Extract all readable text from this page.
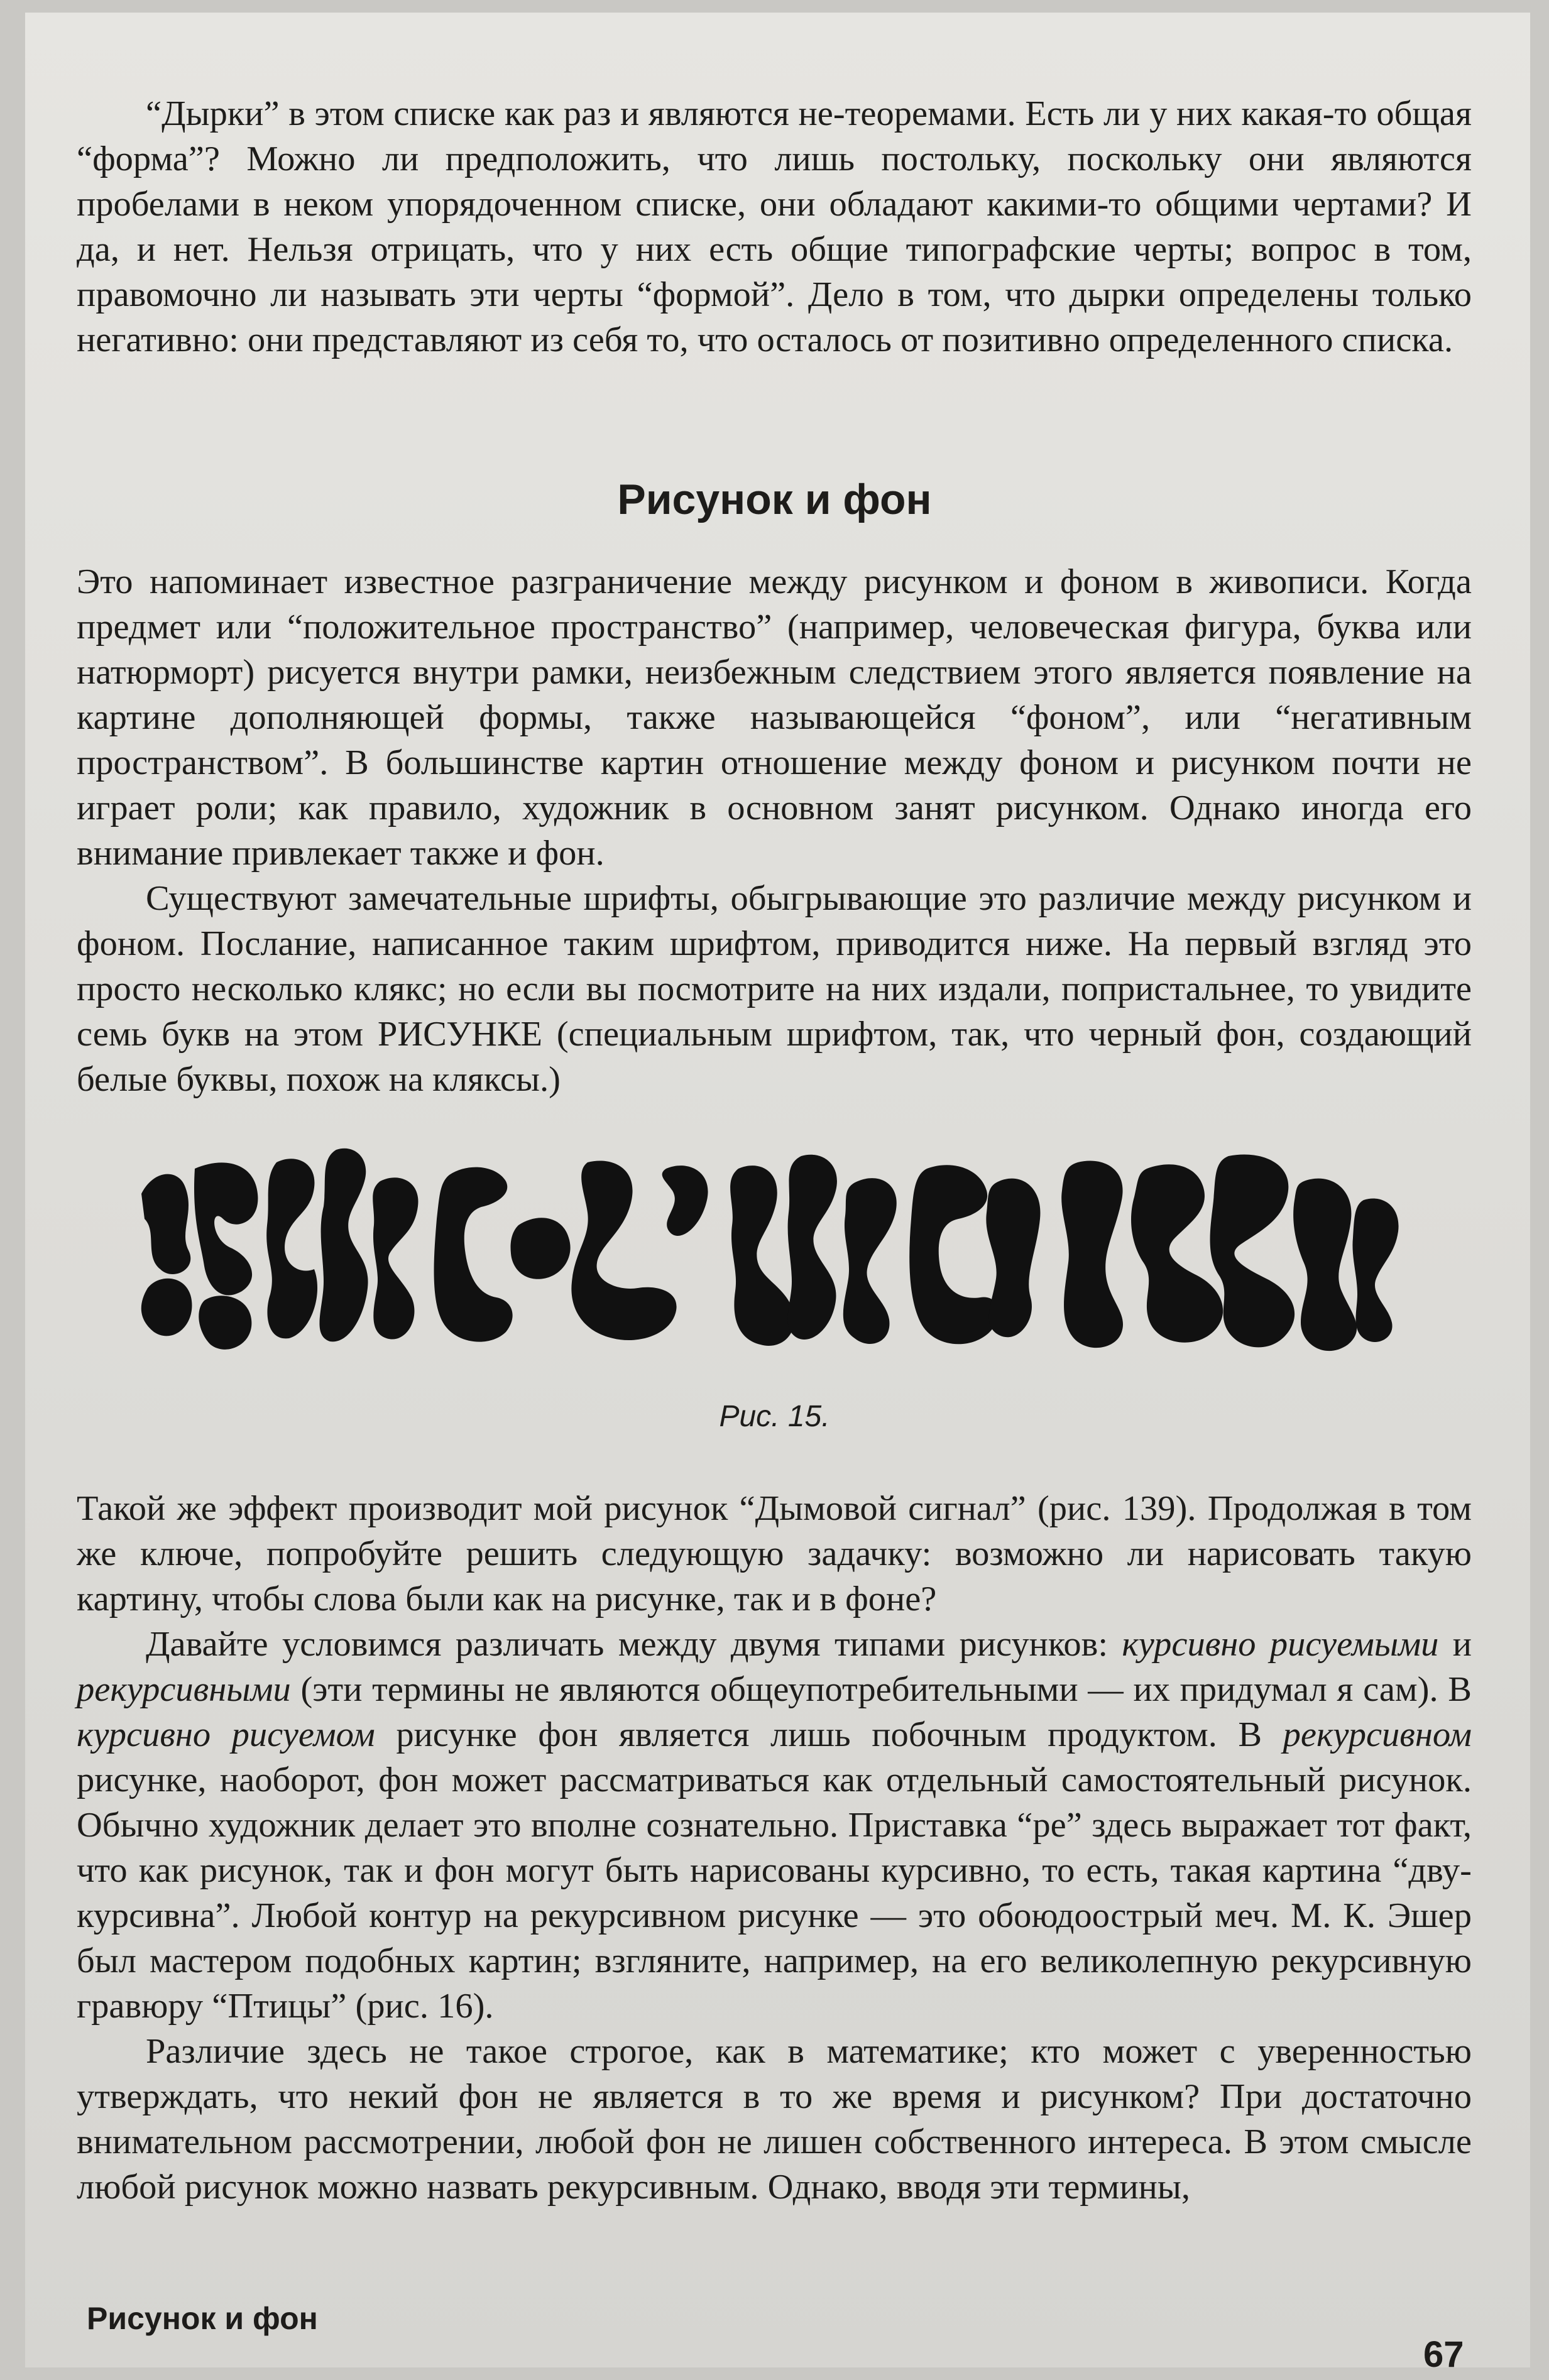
“Дырки” в этом списке как раз и являются не-теоремами. Есть ли у них какая-то общая “форма”? Можно ли предположить, что лишь постольку, поскольку они являются пробелами в неком упорядоченном списке, они обладают какими-то общими чертами? И да, и нет. Нельзя отрицать, что у них есть общие типографские черты; вопрос в том, правомочно ли называть эти черты “формой”. Дело в том, что дырки определены только негативно: они представляют из себя то, что осталось от позитивно определенного списка.

Рисунок и фон

Это напоминает известное разграничение между рисунком и фоном в живописи. Когда предмет или “положительное пространство” (например, человеческая фигура, буква или натюрморт) рисуется внутри рамки, неизбежным следствием этого является появление на картине дополняющей формы, также называющейся “фоном”, или “негативным пространством”. В большинстве картин отношение между фоном и рисунком почти не играет роли; как правило, художник в основном занят рисунком. Однако иногда его внимание привлекает также и фон.

Существуют замечательные шрифты, обыгрывающие это различие между рисунком и фоном. Послание, написанное таким шрифтом, приводится ниже. На первый взгляд это просто несколько клякс; но если вы посмотрите на них издали, попристальнее, то увидите семь букв на этом РИСУНКЕ (специальным шрифтом, так, что черный фон, создающий белые буквы, похож на кляксы.)

Рис. 15.

Такой же эффект производит мой рисунок “Дымовой сигнал” (рис. 139). Продолжая в том же ключе, попробуйте решить следующую задачку: возможно ли нарисовать такую картину, чтобы слова были как на рисунке, так и в фоне?

Давайте условимся различать между двумя типами рисунков: курсивно рисуемыми и рекурсивными (эти термины не являются общеупотребительными — их придумал я сам). В курсивно рисуемом рисунке фон является лишь побочным продуктом. В рекурсивном рисунке, наоборот, фон может рассматриваться как отдельный самостоятельный рисунок. Обычно художник делает это вполне сознательно. Приставка “ре” здесь выражает тот факт, что как рисунок, так и фон могут быть нарисованы курсивно, то есть, такая картина “дву-курсивна”. Любой контур на рекурсивном рисунке — это обоюдоострый меч. М. К. Эшер был мастером подобных картин; взгляните, например, на его великолепную рекурсивную гравюру “Птицы” (рис. 16).

Различие здесь не такое строгое, как в математике; кто может с уверенностью утверждать, что некий фон не является в то же время и рисунком? При достаточно внимательном рассмотрении, любой фон не лишен собственного интереса. В этом смысле любой рисунок можно назвать рекурсивным. Однако, вводя эти термины,

Рисунок и фон
67
